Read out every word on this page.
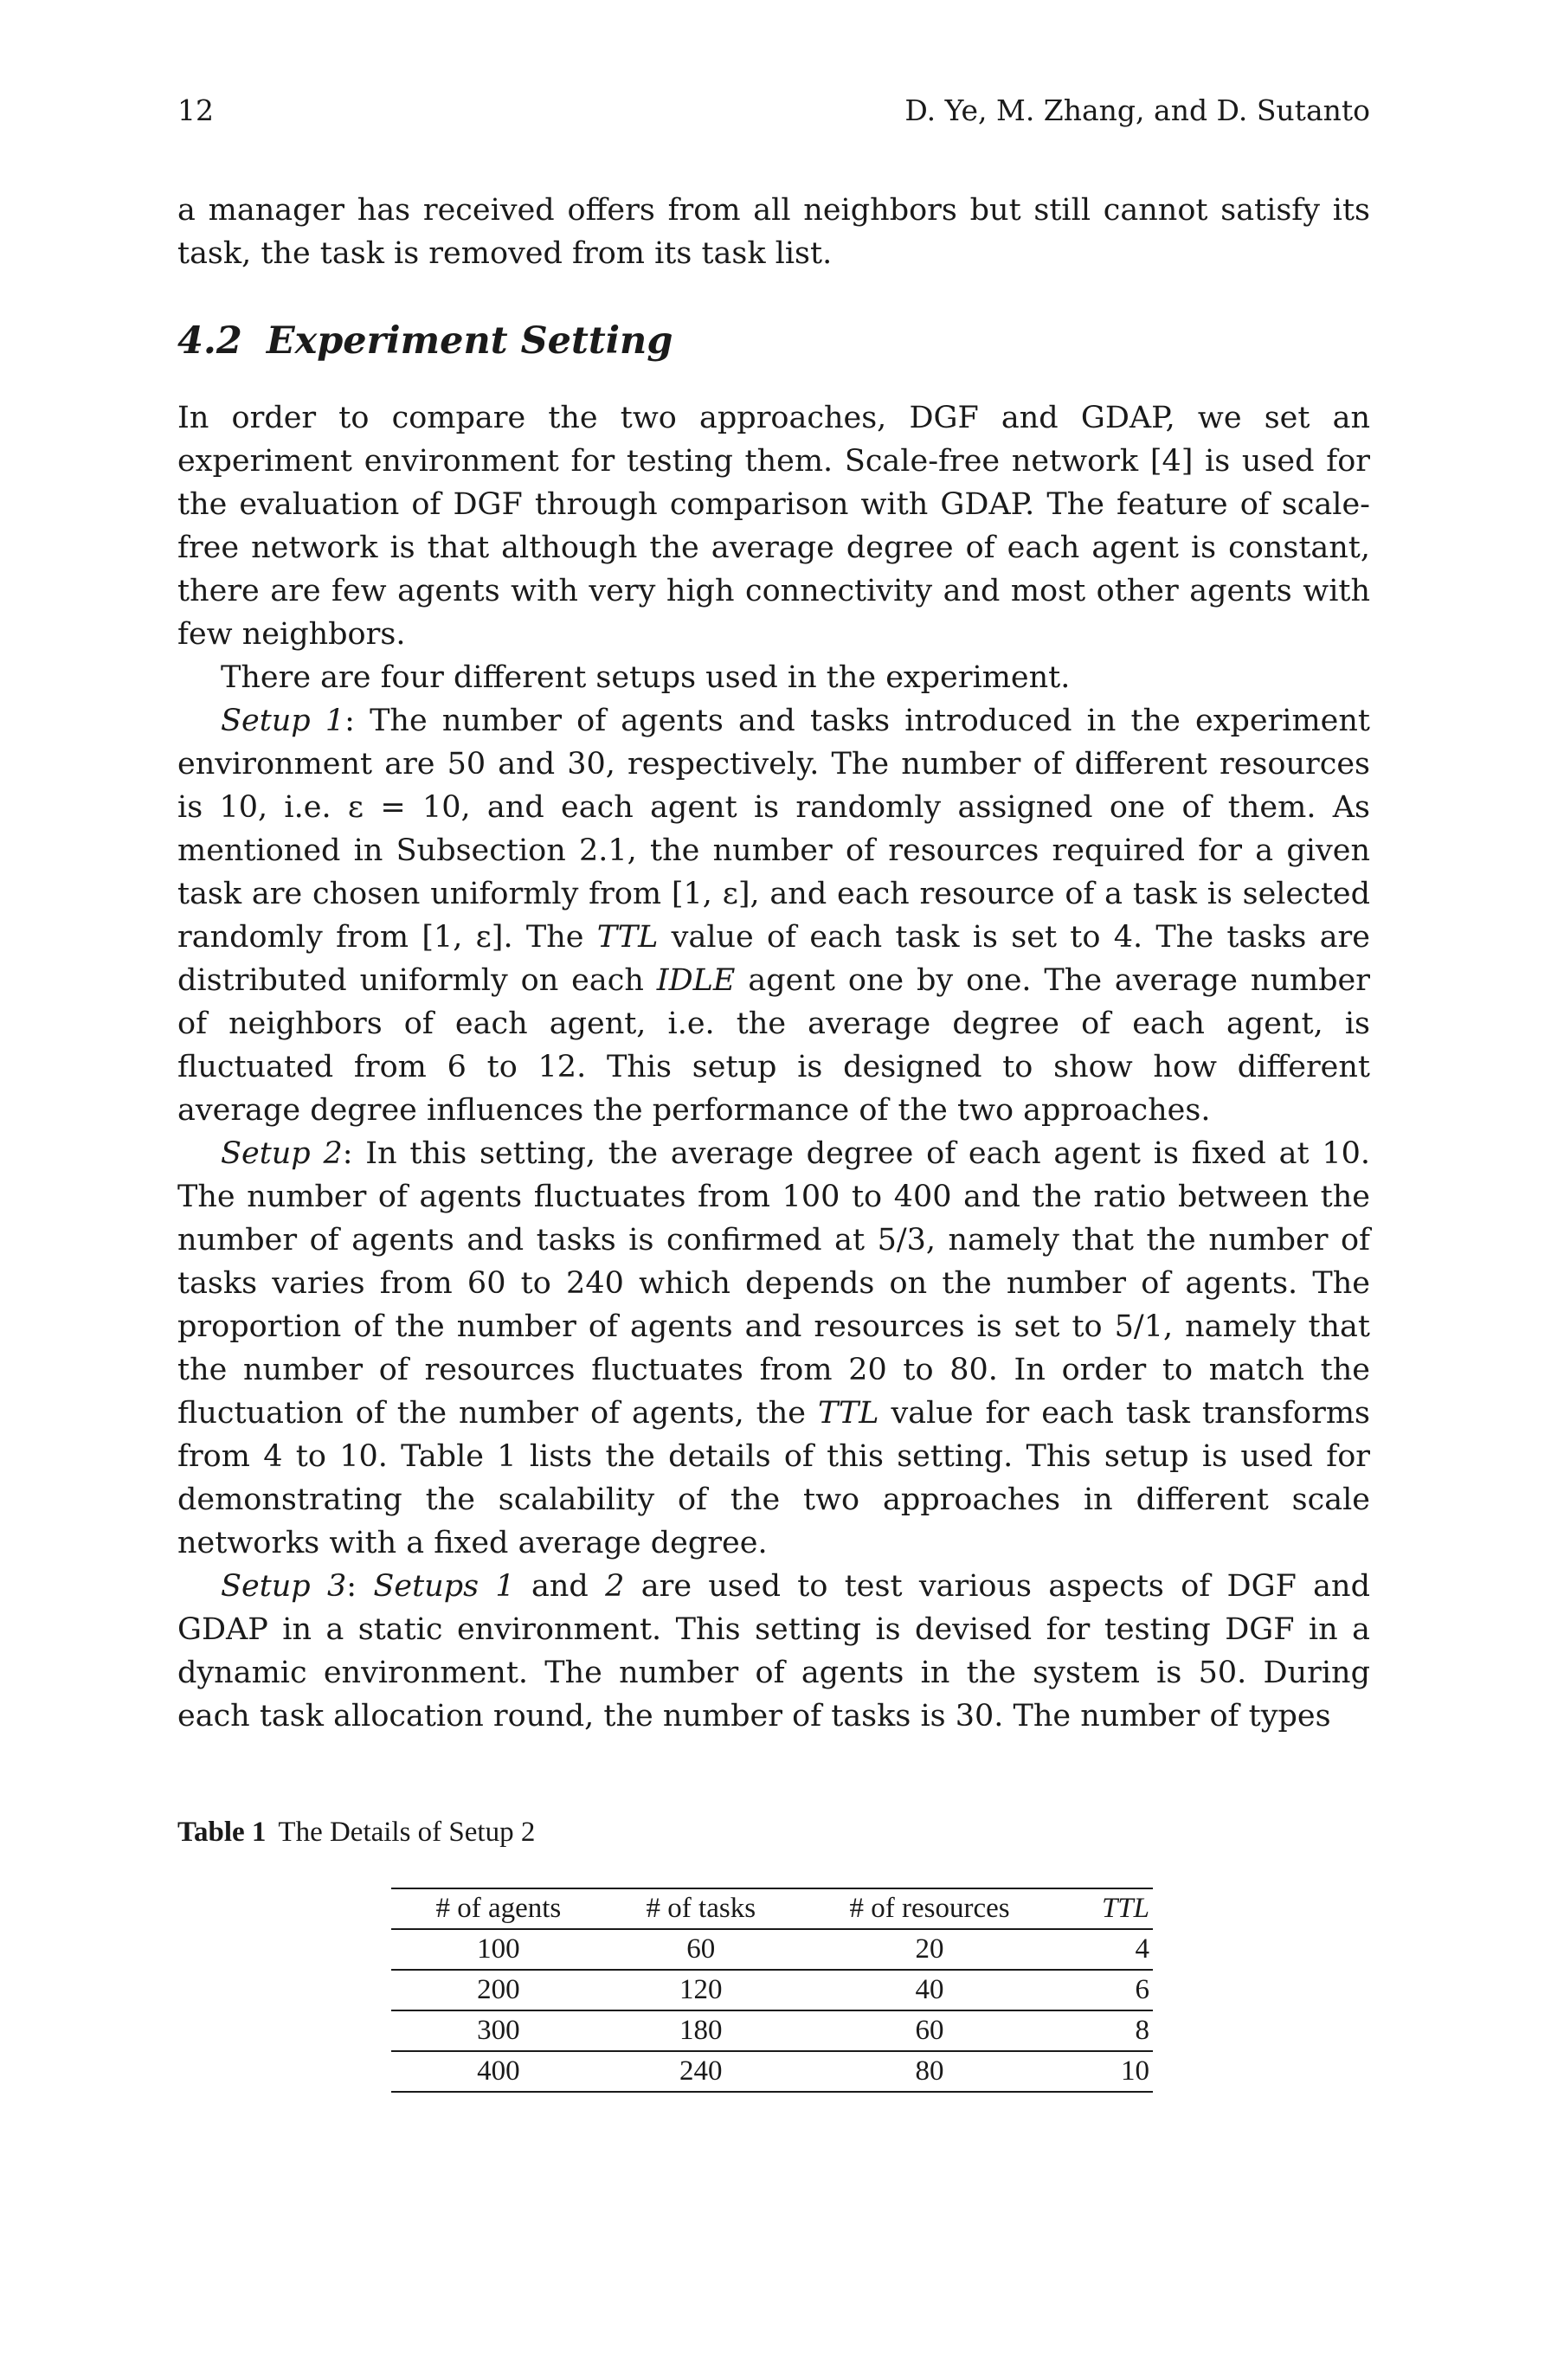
12	D. Ye, M. Zhang, and D. Sutanto

a manager has received offers from all neighbors but still cannot satisfy its task, the task is removed from its task list.

4.2 Experiment Setting

In order to compare the two approaches, DGF and GDAP, we set an experiment environment for testing them. Scale-free network [4] is used for the evaluation of DGF through comparison with GDAP. The feature of scale-free network is that although the average degree of each agent is constant, there are few agents with very high connectivity and most other agents with few neighbors.

There are four different setups used in the experiment.

Setup 1: The number of agents and tasks introduced in the experiment environment are 50 and 30, respectively. The number of different resources is 10, i.e. ε = 10, and each agent is randomly assigned one of them. As mentioned in Subsection 2.1, the number of resources required for a given task are chosen uniformly from [1, ε], and each resource of a task is selected randomly from [1, ε]. The TTL value of each task is set to 4. The tasks are distributed uniformly on each IDLE agent one by one. The average number of neighbors of each agent, i.e. the average degree of each agent, is fluctuated from 6 to 12. This setup is designed to show how different average degree influences the performance of the two approaches.

Setup 2: In this setting, the average degree of each agent is fixed at 10. The number of agents fluctuates from 100 to 400 and the ratio between the number of agents and tasks is confirmed at 5/3, namely that the number of tasks varies from 60 to 240 which depends on the number of agents. The proportion of the number of agents and resources is set to 5/1, namely that the number of resources fluctuates from 20 to 80. In order to match the fluctuation of the number of agents, the TTL value for each task transforms from 4 to 10. Table 1 lists the details of this setting. This setup is used for demonstrating the scalability of the two approaches in different scale networks with a fixed average degree.

Setup 3: Setups 1 and 2 are used to test various aspects of DGF and GDAP in a static environment. This setting is devised for testing DGF in a dynamic environment. The number of agents in the system is 50. During each task allocation round, the number of tasks is 30. The number of types

Table 1 The Details of Setup 2
# of agents	# of tasks	# of resources	TTL
100	60	20	4
200	120	40	6
300	180	60	8
400	240	80	10
